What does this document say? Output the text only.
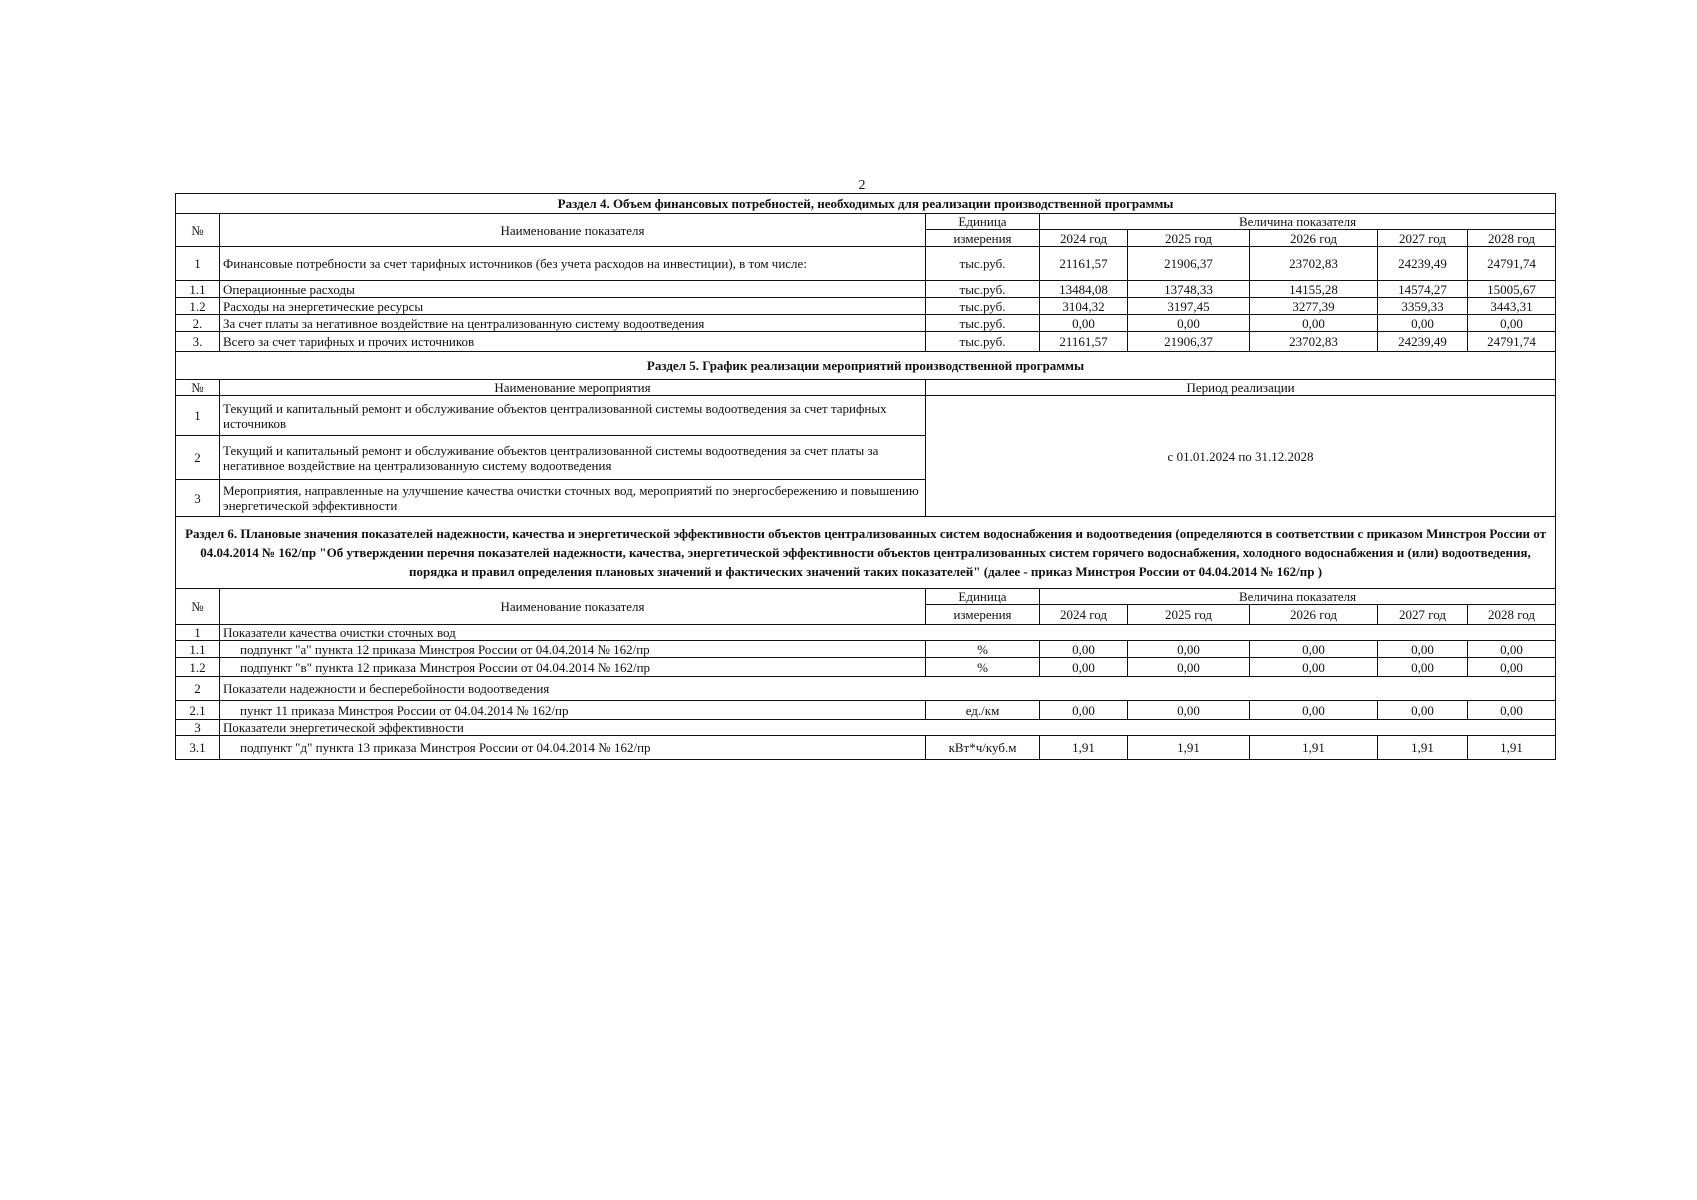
2
Раздел 4. Объем финансовых потребностей, необходимых для реализации производственной программы							
№	Наименование показателя	Единица	Величина показателя				
		измерения	2024 год	2025 год	2026 год	2027 год	2028 год
1	Финансовые потребности за счет тарифных источников (без учета расходов на инвестиции), в том числе:	тыс.руб.	21161,57	21906,37	23702,83	24239,49	24791,74
1.1	Операционные расходы	тыс.руб.	13484,08	13748,33	14155,28	14574,27	15005,67
1.2	Расходы на энергетические ресурсы	тыс.руб.	3104,32	3197,45	3277,39	3359,33	3443,31
2.	За счет платы за негативное воздействие на централизованную систему водоотведения	тыс.руб.	0,00	0,00	0,00	0,00	0,00
3.	Всего за счет тарифных и прочих источников	тыс.руб.	21161,57	21906,37	23702,83	24239,49	24791,74
Раздел 5. График реализации мероприятий производственной программы							
№	Наименование мероприятия	Период реализации					
1	Текущий и капитальный ремонт и обслуживание объектов централизованной системы водоотведения за счет тарифных источников	с 01.01.2024 по 31.12.2028					
2	Текущий и капитальный ремонт и обслуживание объектов централизованной системы водоотведения за счет платы за негативное воздействие на централизованную систему водоотведения						
3	Мероприятия, направленные на улучшение качества очистки сточных вод, мероприятий по энергосбережению и повышению энергетической эффективности						
Раздел 6. Плановые значения показателей надежности, качества и энергетической эффективности объектов централизованных систем водоснабжения и водоотведения (определяются в соответствии с приказом Минстроя России от 04.04.2014 № 162/пр "Об утверждении перечня показателей надежности, качества, энергетической эффективности объектов централизованных систем горячего водоснабжения, холодного водоснабжения и (или) водоотведения, порядка и правил определения плановых значений и фактических значений таких показателей" (далее - приказ Минстроя России от 04.04.2014 № 162/пр )							
№	Наименование показателя	Единица	Величина показателя				
		измерения	2024 год	2025 год	2026 год	2027 год	2028 год
1	Показатели качества очистки сточных вод						
1.1	подпункт "а" пункта 12 приказа Минстроя России от 04.04.2014 № 162/пр	%	0,00	0,00	0,00	0,00	0,00
1.2	подпункт "в" пункта 12 приказа Минстроя России от 04.04.2014 № 162/пр	%	0,00	0,00	0,00	0,00	0,00
2	Показатели надежности и бесперебойности водоотведения						
2.1	пункт 11 приказа Минстроя России от 04.04.2014 № 162/пр	ед./км	0,00	0,00	0,00	0,00	0,00
3	Показатели энергетической эффективности						
3.1	подпункт "д" пункта 13 приказа Минстроя России от 04.04.2014 № 162/пр	кВт*ч/куб.м	1,91	1,91	1,91	1,91	1,91
